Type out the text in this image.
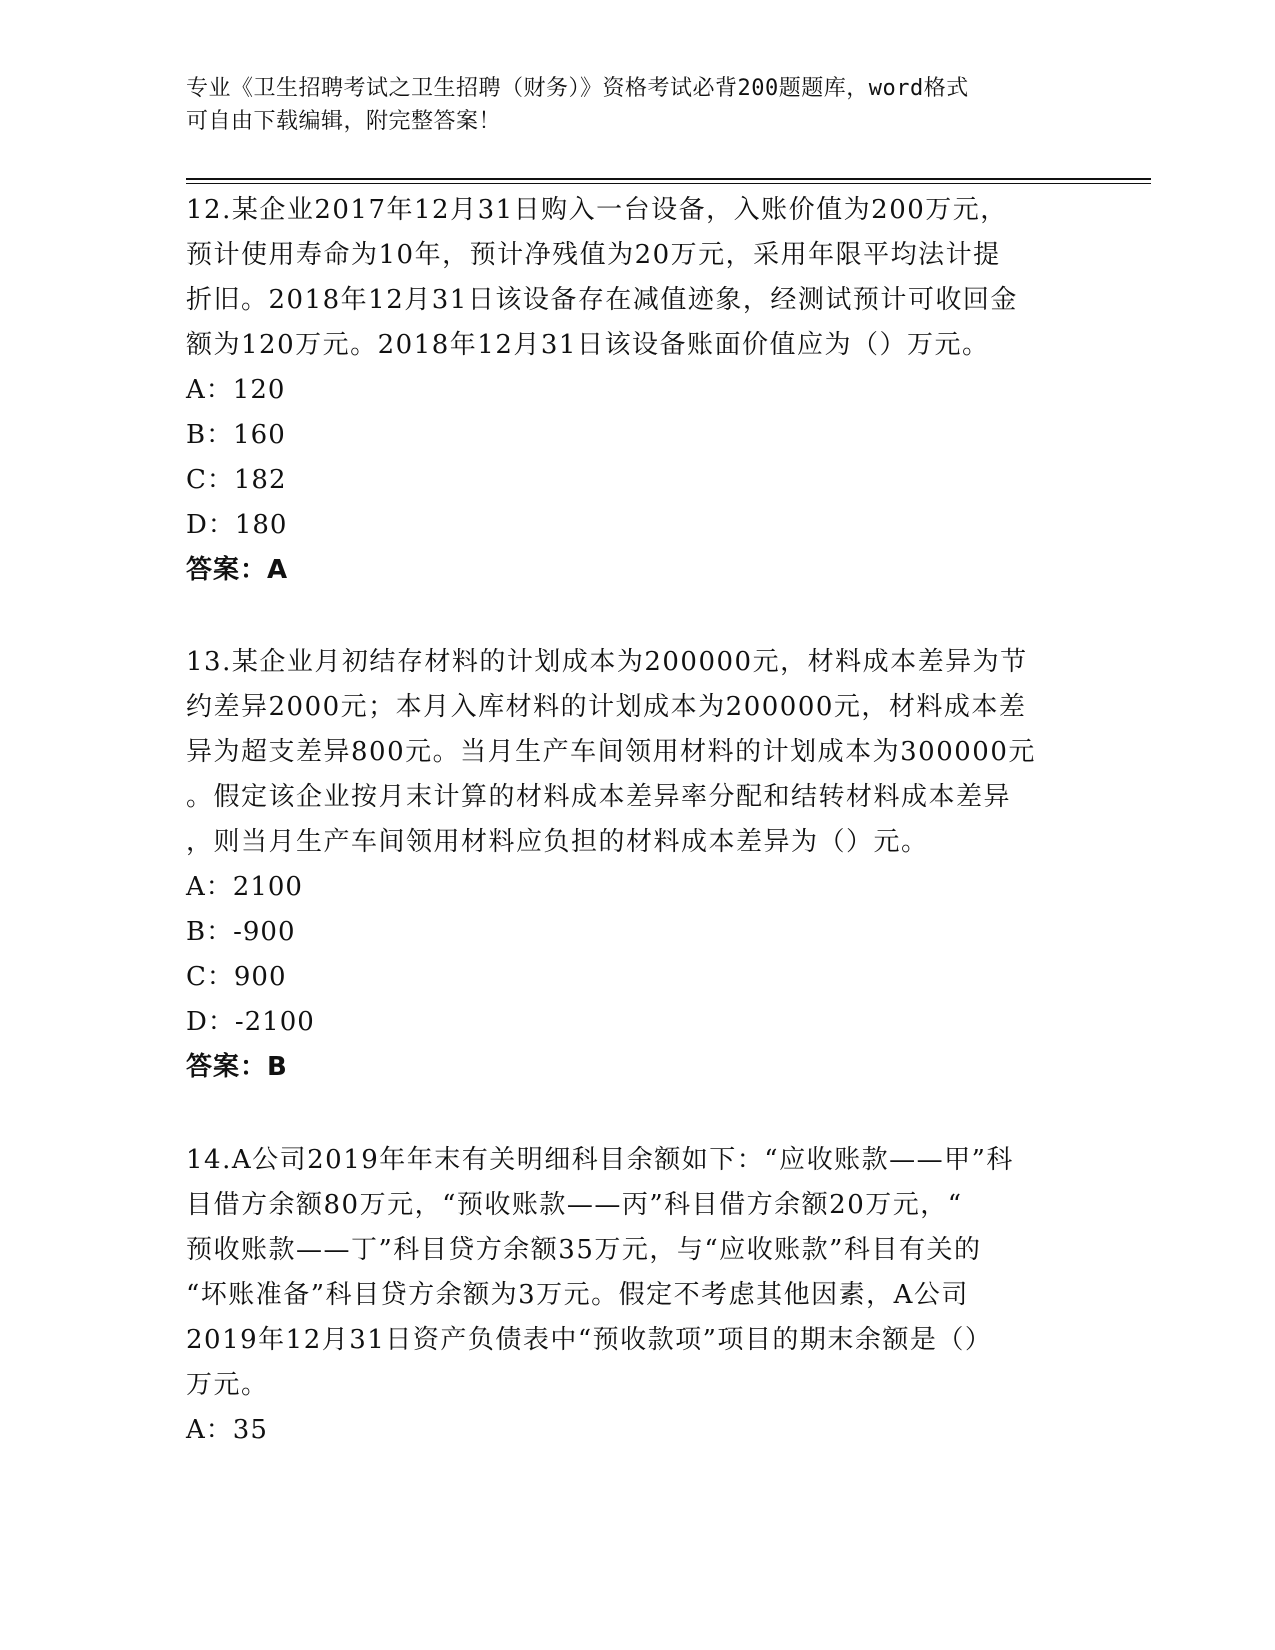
专业《卫生招聘考试之卫生招聘（财务）》资格考试必背200题题库，word格式
可自由下载编辑，附完整答案！

12.某企业2017年12月31日购入一台设备，入账价值为200万元，

预计使用寿命为10年，预计净残值为20万元，采用年限平均法计提

折旧。2018年12月31日该设备存在减值迹象，经测试预计可收回金

额为120万元。2018年12月31日该设备账面价值应为（）万元。

A：120

B：160

C：182

D：180

答案：A

13.某企业月初结存材料的计划成本为200000元，材料成本差异为节

约差异2000元；本月入库材料的计划成本为200000元，材料成本差

异为超支差异800元。当月生产车间领用材料的计划成本为300000元

。假定该企业按月末计算的材料成本差异率分配和结转材料成本差异

，则当月生产车间领用材料应负担的材料成本差异为（）元。

A：2100

B：-900

C：900

D：-2100

答案：B

14.A公司2019年年末有关明细科目余额如下：“应收账款——甲”科

目借方余额80万元，“预收账款——丙”科目借方余额20万元，“

预收账款——丁”科目贷方余额35万元，与“应收账款”科目有关的

“坏账准备”科目贷方余额为3万元。假定不考虑其他因素，A公司

2019年12月31日资产负债表中“预收款项”项目的期末余额是（）

万元。

A：35
